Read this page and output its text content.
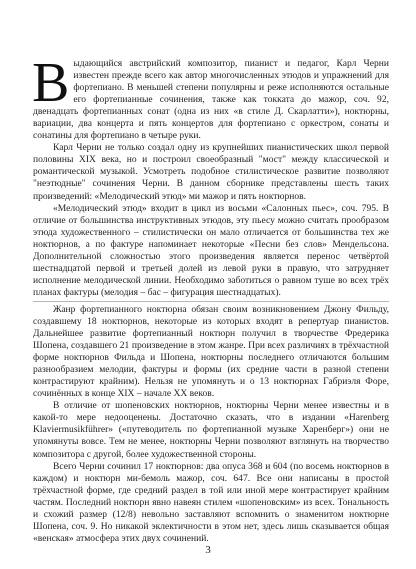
В ыдающийся австрийский композитор, пианист и педагог, Карл Черни известен прежде всего как автор многочисленных этюдов и упражнений для фортепиано. В меньшей степени популярны и реже исполняются остальные его фортепианные сочинения, также как токката до мажор, соч. 92, двенадцать фортепианных сонат (одна из них «в стиле Д. Скарлатти»), ноктюрны, вариации, два концерта и пять концертов для фортепиано с оркестром, сонаты и сонатины для фортепиано в четыре руки.

Карл Черни не только создал одну из крупнейших пианистических школ первой половины XIX века, но и построил своеобразный "мост" между классической и романтической музыкой. Усмотреть подобное стилистическое развитие позволяют "неэтюдные" сочинения Черни. В данном сборнике представлены шесть таких произведений: «Мелодический этюд» ми мажор и пять ноктюрнов.

«Мелодический этюд» входит в цикл из восьми «Салонных пьес», соч. 795. В отличие от большинства инструктивных этюдов, эту пьесу можно считать прообразом этюда художественного – стилистически он мало отличается от большинства тех же ноктюрнов, а по фактуре напоминает некоторые «Песни без слов» Мендельсона. Дополнительной сложностью этого произведения является перенос четвёртой шестнадцатой первой и третьей долей из левой руки в правую, что затрудняет исполнение мелодической линии. Необходимо заботиться о равном туше во всех трёх планах фактуры (мелодия – бас – фигурация шестнадцатых).

Жанр фортепианного ноктюрна обязан своим возникновением Джону Фильду, создавшему 18 ноктюрнов, некоторые из которых входят в репертуар пианистов. Дальнейшее развитие фортепианный ноктюрн получил в творчестве Фредерика Шопена, создавшего 21 произведение в этом жанре. При всех различиях в трёхчастной форме ноктюрнов Фильда и Шопена, ноктюрны последнего отличаются большим разнообразием мелодии, фактуры и формы (их средние части в разной степени контрастируют крайним). Нельзя не упомянуть и о 13 ноктюрнах Габриэля Форе, сочинённых в конце XIX – начале XX веков.

В отличие от шопеновских ноктюрнов, ноктюрны Черни менее известны и в какой-то мере недооценены. Достаточно сказать, что в издании «Harenberg Klaviermusikführer» («путеводитель по фортепианной музыке Харенберг») они не упомянуты вовсе. Тем не менее, ноктюрны Черни позволяют взглянуть на творчество композитора с другой, более художественной стороны.

Всего Черни сочинил 17 ноктюрнов: два опуса 368 и 604 (по восемь ноктюрнов в каждом) и ноктюрн ми-бемоль мажор, соч. 647. Все они написаны в простой трёхчастной форме, где средний раздел в той или иной мере контрастирует крайним частям. Последний ноктюрн явно навеян стилем «шопеновским» из всех. Тональность и схожий размер (12/8) невольно заставляют вспомнить о знаменитом ноктюрне Шопена, соч. 9. Но никакой эклектичности в этом нет, здесь лишь сказывается общая «венская» атмосфера этих двух сочинений.

3
